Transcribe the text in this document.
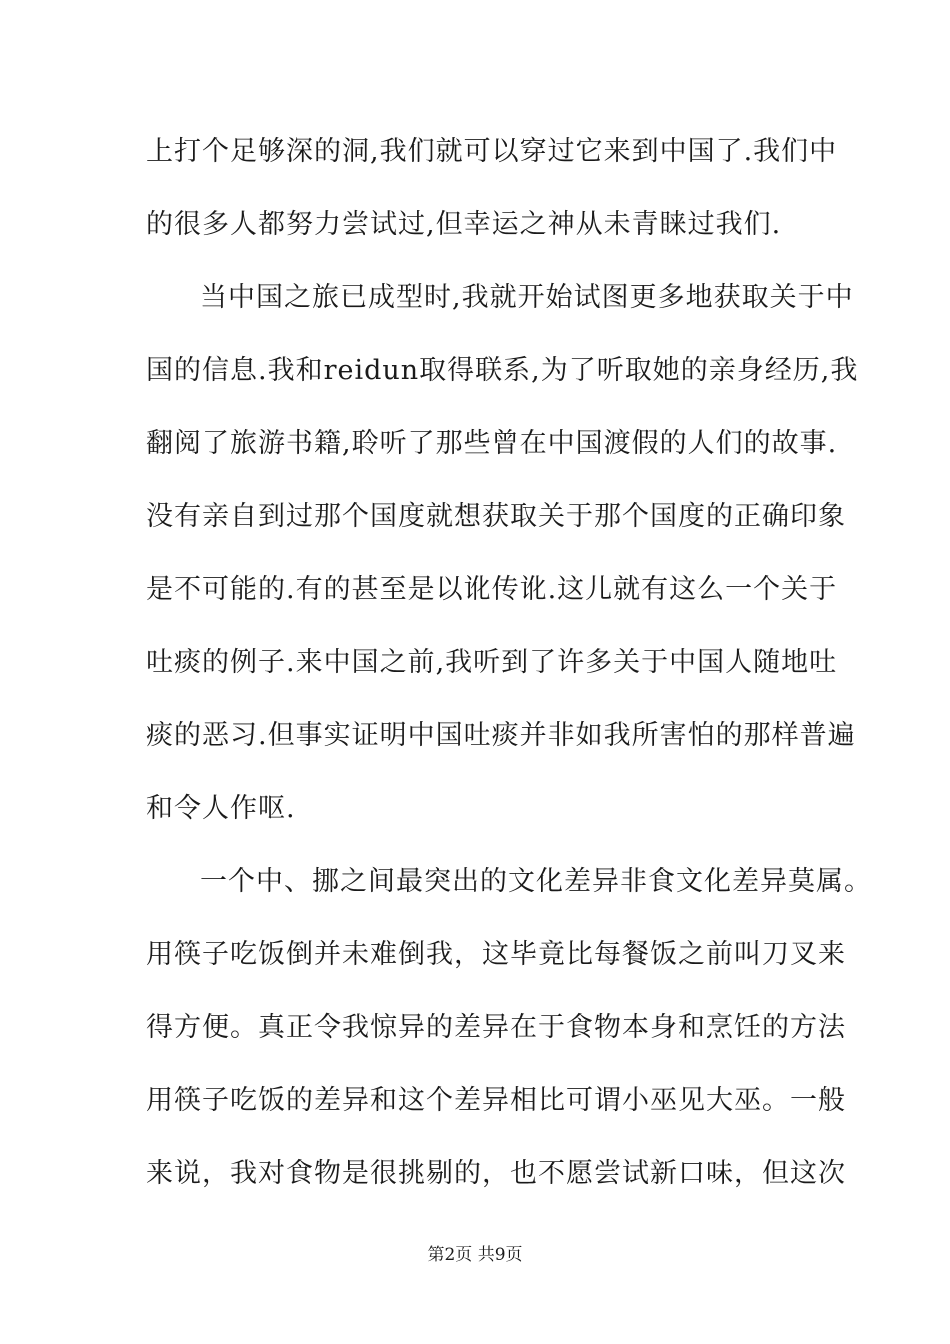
上打个足够深的洞,我们就可以穿过它来到中国了.我们中
的很多人都努力尝试过,但幸运之神从未青睐过我们.
当中国之旅已成型时,我就开始试图更多地获取关于中
国的信息.我和reidun取得联系,为了听取她的亲身经历,我
翻阅了旅游书籍,聆听了那些曾在中国渡假的人们的故事.
没有亲自到过那个国度就想获取关于那个国度的正确印象
是不可能的.有的甚至是以讹传讹.这儿就有这么一个关于
吐痰的例子.来中国之前,我听到了许多关于中国人随地吐
痰的恶习.但事实证明中国吐痰并非如我所害怕的那样普遍
和令人作呕.
一个中、挪之间最突出的文化差异非食文化差异莫属。
用筷子吃饭倒并未难倒我，这毕竟比每餐饭之前叫刀叉来
得方便。真正令我惊异的差异在于食物本身和烹饪的方法
用筷子吃饭的差异和这个差异相比可谓小巫见大巫。一般
来说，我对食物是很挑剔的，也不愿尝试新口味，但这次
第2页 共9页
